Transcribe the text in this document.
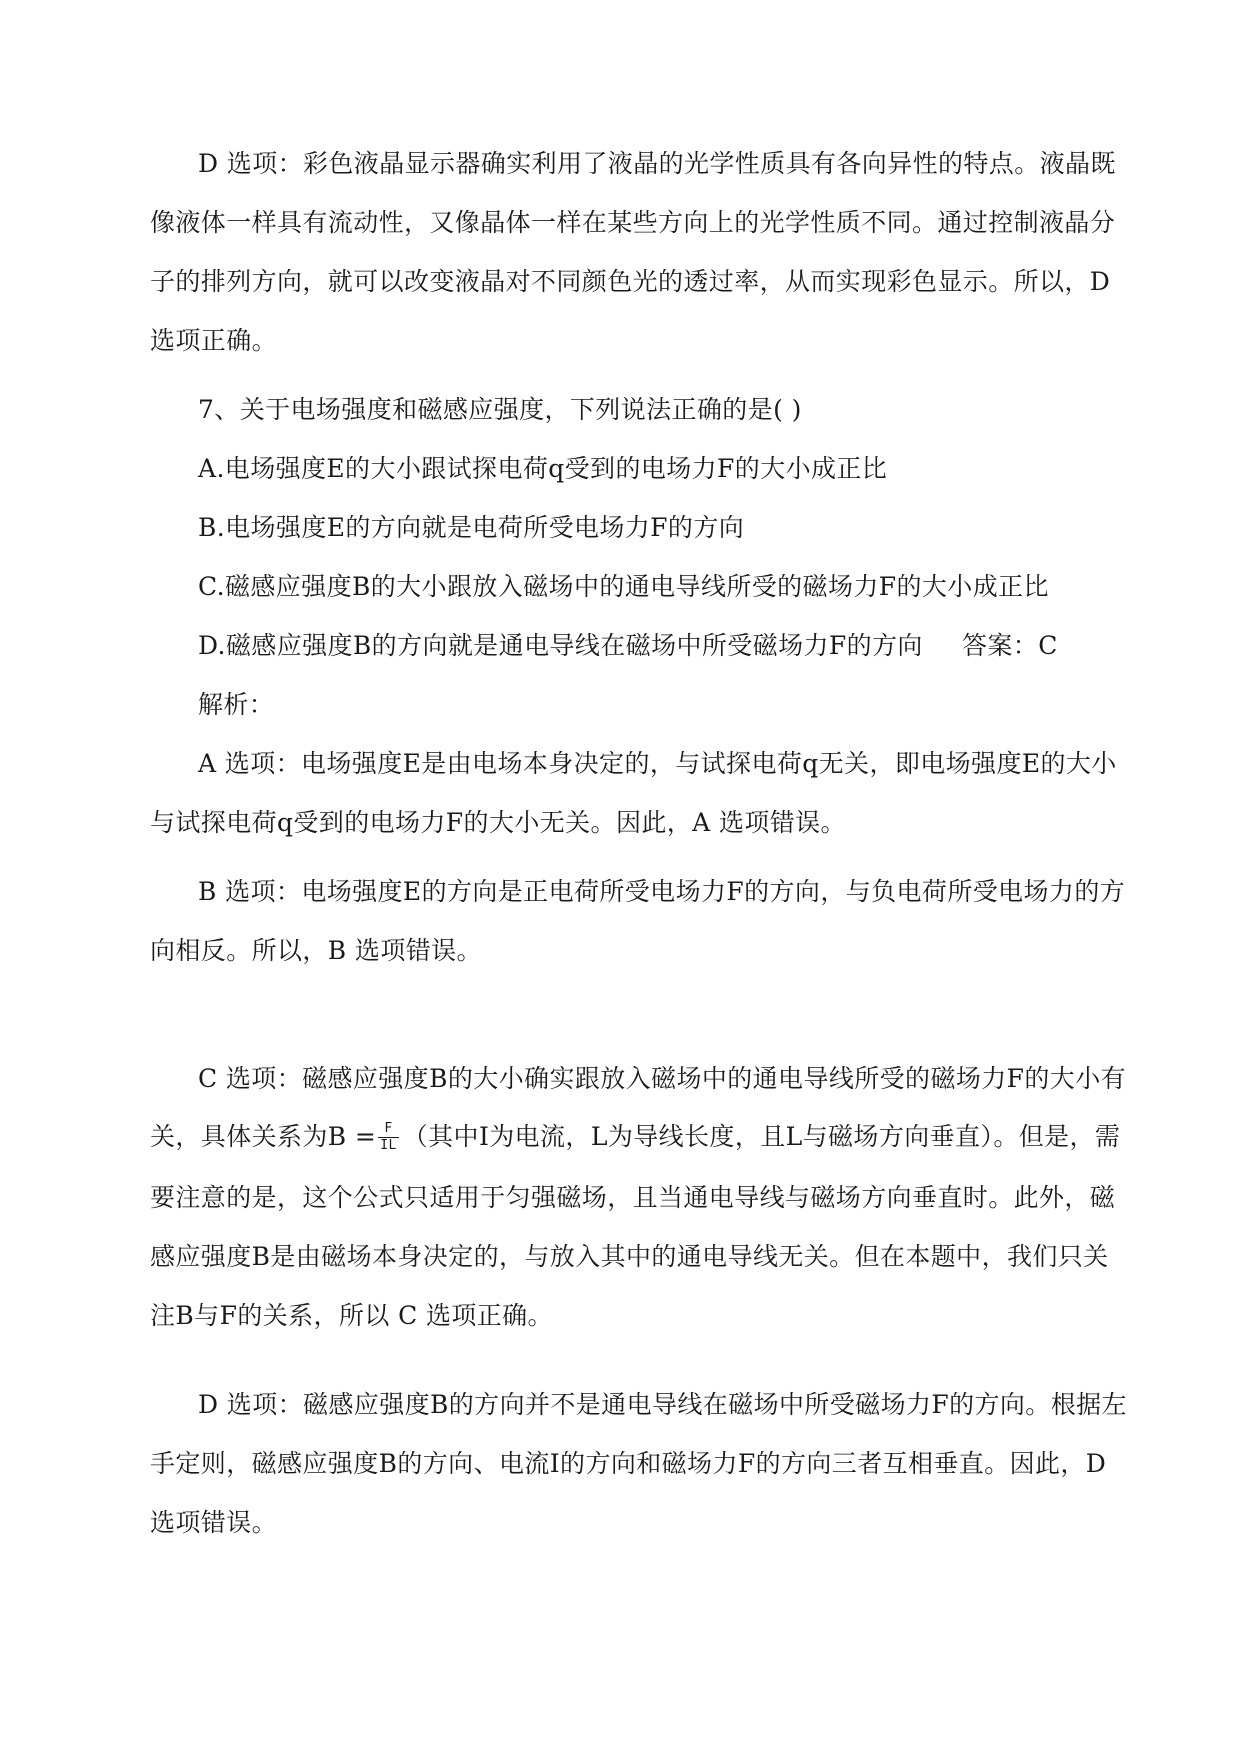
D 选项：彩色液晶显示器确实利用了液晶的光学性质具有各向异性的特点。液晶既
像液体一样具有流动性，又像晶体一样在某些方向上的光学性质不同。通过控制液晶分
子的排列方向，就可以改变液晶对不同颜色光的透过率，从而实现彩色显示。所以，D
选项正确。
7、关于电场强度和磁感应强度，下列说法正确的是( )
A.电场强度E的大小跟试探电荷q受到的电场力F的大小成正比
B.电场强度E的方向就是电荷所受电场力F的方向
C.磁感应强度B的大小跟放入磁场中的通电导线所受的磁场力F的大小成正比
D.磁感应强度B的方向就是通电导线在磁场中所受磁场力F的方向	答案：C
解析：
A 选项：电场强度E是由电场本身决定的，与试探电荷q无关，即电场强度E的大小
与试探电荷q受到的电场力F的大小无关。因此，A 选项错误。
B 选项：电场强度E的方向是正电荷所受电场力F的方向，与负电荷所受电场力的方
向相反。所以，B 选项错误。
C 选项：磁感应强度B的大小确实跟放入磁场中的通电导线所受的磁场力F的大小有
关，具体关系为$B = \frac{F}{IL}$ （其中I为电流，L为导线长度，且L与磁场方向垂直）。但是，需
要注意的是，这个公式只适用于匀强磁场，且当通电导线与磁场方向垂直时。此外，磁
感应强度B是由磁场本身决定的，与放入其中的通电导线无关。但在本题中，我们只关
注B与F的关系，所以 C 选项正确。
D 选项：磁感应强度B的方向并不是通电导线在磁场中所受磁场力F的方向。根据左
手定则，磁感应强度B的方向、电流I的方向和磁场力F的方向三者互相垂直。因此，D
选项错误。
